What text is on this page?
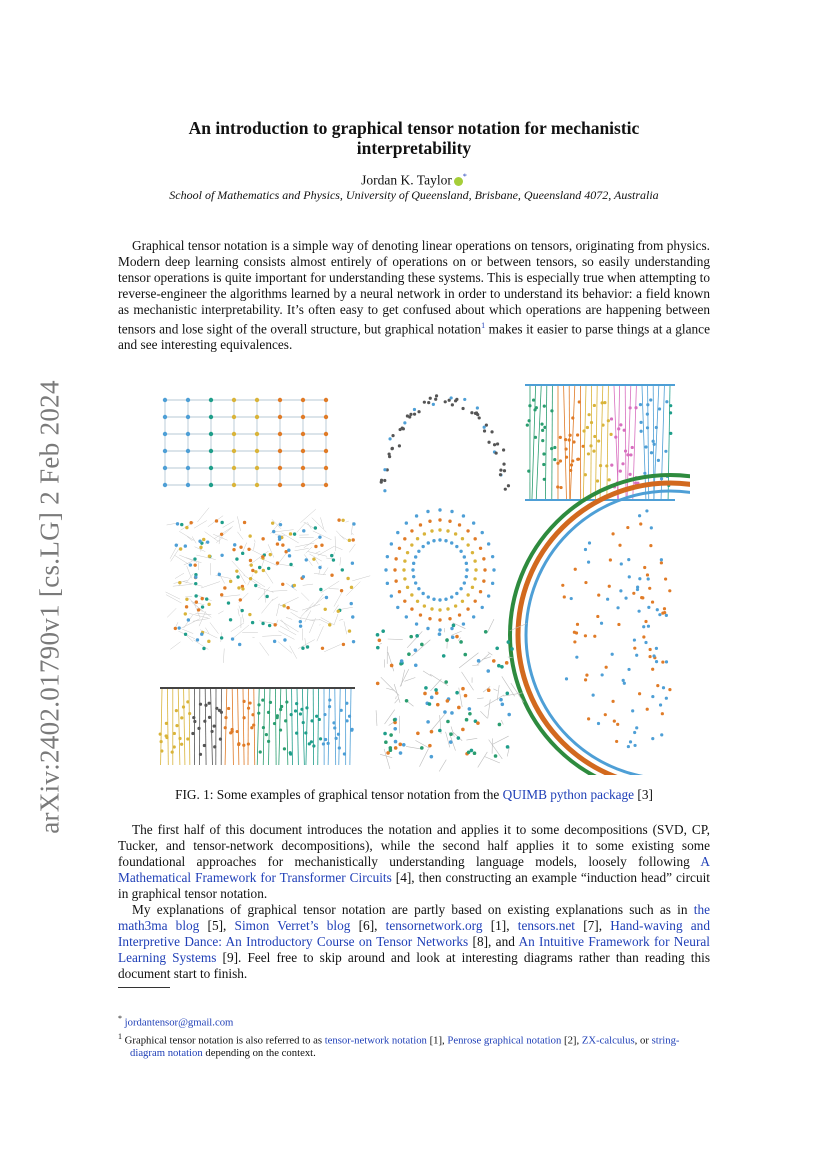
arXiv:2402.01790v1 [cs.LG] 2 Feb 2024
An introduction to graphical tensor notation for mechanistic
interpretability
Jordan K. Taylor *
School of Mathematics and Physics, University of Queensland, Brisbane, Queensland 4072, Australia
Graphical tensor notation is a simple way of denoting linear operations on tensors, originating from physics. Modern deep learning consists almost entirely of operations on or between tensors, so easily understanding tensor operations is quite important for understanding these systems. This is especially true when attempting to reverse-engineer the algorithms learned by a neural network in order to understand its behavior: a field known as mechanistic interpretability. It’s often easy to get confused about which operations are happening between tensors and lose sight of the overall structure, but graphical notation$^1$ makes it easier to parse things at a glance and see interesting equivalences.
FIG. 1: Some examples of graphical tensor notation from the QUIMB python package [3]

The first half of this document introduces the notation and applies it to some decompositions (SVD, CP, Tucker, and tensor-network decompositions), while the second half applies it to some existing some foundational approaches for mechanistically understanding language models, loosely following A Mathematical Framework for Transformer Circuits [4], then constructing an example “induction head” circuit in graphical tensor notation.

My explanations of graphical tensor notation are partly based on existing explanations such as in the math3ma blog [5], Simon Verret’s blog [6], tensornetwork.org [1], tensors.net [7], Hand-waving and Interpretive Dance: An Introductory Course on Tensor Networks [8], and An Intuitive Framework for Neural Learning Systems [9]. Feel free to skip around and look at interesting diagrams rather than reading this document start to finish.

* jordantensor@gmail.com
$^1$ Graphical tensor notation is also referred to as tensor-network notation [1], Penrose graphical notation [2], ZX-calculus, or string-diagram notation depending on the context.
